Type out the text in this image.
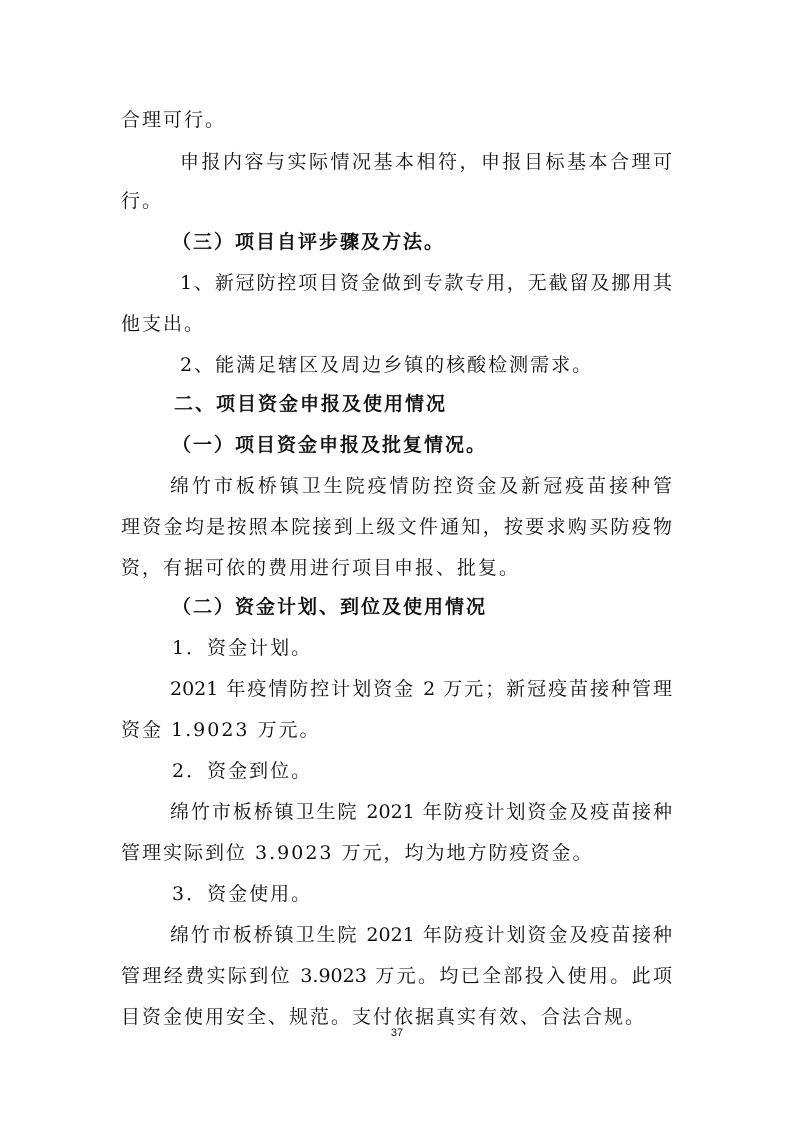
合理可行。
申报内容与实际情况基本相符，申报目标基本合理可
行。
（三）项目自评步骤及方法。
1、新冠防控项目资金做到专款专用，无截留及挪用其
他支出。
2、能满足辖区及周边乡镇的核酸检测需求。
二、项目资金申报及使用情况
（一）项目资金申报及批复情况。
绵竹市板桥镇卫生院疫情防控资金及新冠疫苗接种管
理资金均是按照本院接到上级文件通知，按要求购买防疫物
资，有据可依的费用进行项目申报、批复。
（二）资金计划、到位及使用情况
1．资金计划。
2021 年疫情防控计划资金 2 万元；新冠疫苗接种管理
资金 1.9023 万元。
2．资金到位。
绵竹市板桥镇卫生院 2021 年防疫计划资金及疫苗接种
管理实际到位 3.9023 万元，均为地方防疫资金。
3．资金使用。
绵竹市板桥镇卫生院 2021 年防疫计划资金及疫苗接种
管理经费实际到位 3.9023 万元。均已全部投入使用。此项
目资金使用安全、规范。支付依据真实有效、合法合规。
37
